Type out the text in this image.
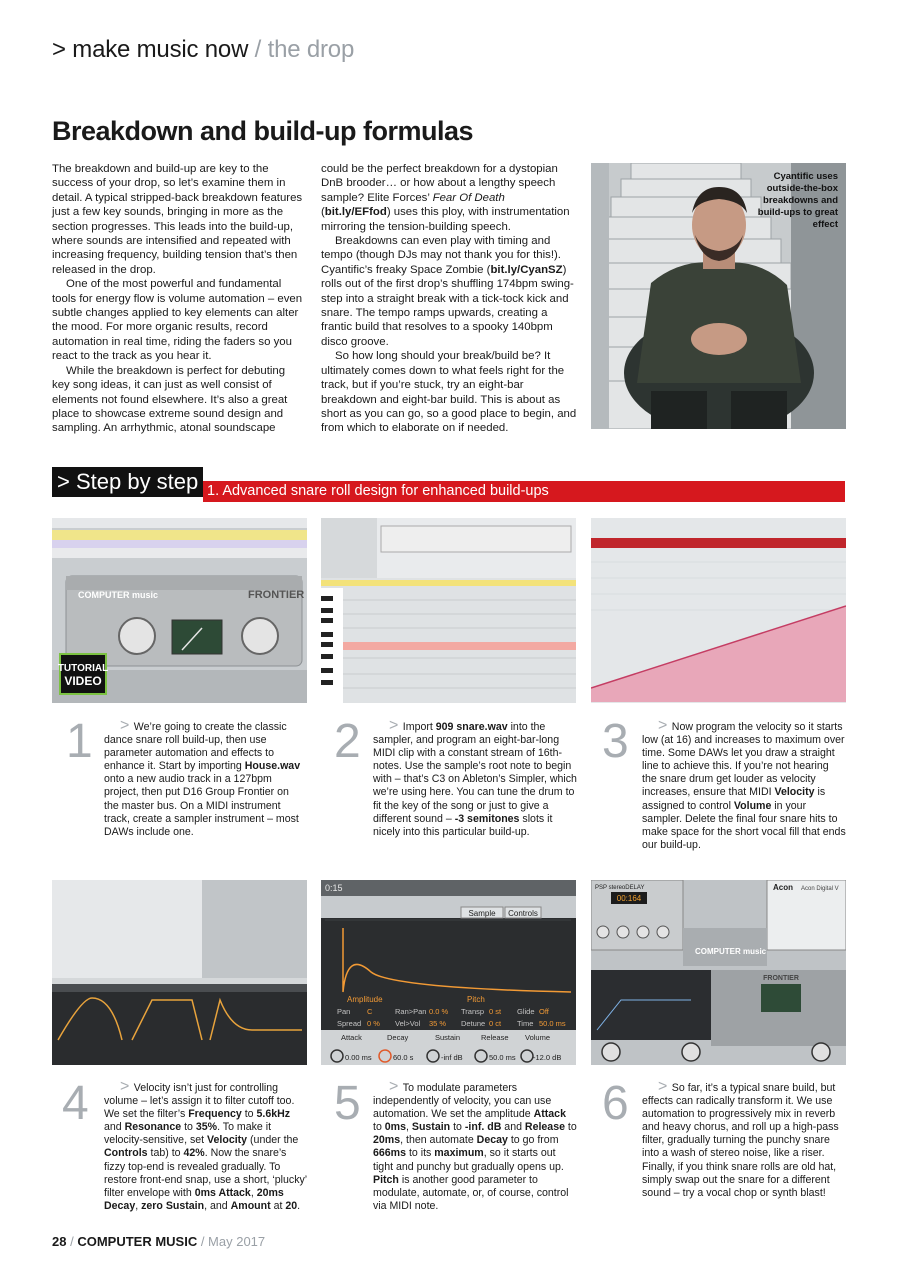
> make music now / the drop
Breakdown and build-up formulas

The breakdown and build-up are key to the success of your drop, so let’s examine them in detail. A typical stripped-back breakdown features just a few key sounds, bringing in more as the section progresses. This leads into the build-up, where sounds are intensified and repeated with increasing frequency, building tension that’s then released in the drop.

One of the most powerful and fundamental tools for energy flow is volume automation – even subtle changes applied to key elements can alter the mood. For more organic results, record automation in real time, riding the faders so you react to the track as you hear it.

While the breakdown is perfect for debuting key song ideas, it can just as well consist of elements not found elsewhere. It’s also a great place to showcase extreme sound design and sampling. An arrhythmic, atonal soundscape

could be the perfect breakdown for a dystopian DnB brooder… or how about a lengthy speech sample? Elite Forces’ Fear Of Death (bit.ly/EFfod) uses this ploy, with instrumentation mirroring the tension-building speech.

Breakdowns can even play with timing and tempo (though DJs may not thank you for this!). Cyantific’s freaky Space Zombie (bit.ly/CyanSZ) rolls out of the first drop’s shuffling 174bpm swing-step into a straight break with a tick-tock kick and snare. The tempo ramps upwards, creating a frantic build that resolves to a spooky 140bpm disco groove.

So how long should your break/build be? It ultimately comes down to what feels right for the track, but if you’re stuck, try an eight-bar breakdown and eight-bar build. This is about as short as you can go, so a good place to begin, and from which to elaborate on if needed.

Cyantific uses outside-the-box breakdowns and build-ups to great effect
> Step by step 1. Advanced snare roll design for enhanced build-ups
COMPUTER music	FRONTIER
TUTORIAL
VIDEO
1	> We’re going to create the classic dance snare roll build-up, then use parameter automation and effects to enhance it. Start by importing House.wav onto a new audio track in a 127bpm project, then put D16 Group Frontier on the master bus. On a MIDI instrument track, create a sampler instrument – most DAWs include one.
2	> Import 909 snare.wav into the sampler, and program an eight-bar-long MIDI clip with a constant stream of 16th-notes. Use the sample’s root note to begin with – that’s C3 on Ableton’s Simpler, which we’re using here. You can tune the drum to fit the key of the song or just to give a different sound – -3 semitones slots it nicely into this particular build-up.
3	> Now program the velocity so it starts low (at 16) and increases to maximum over time. Some DAWs let you draw a straight line to achieve this. If you’re not hearing the snare drum get louder as velocity increases, ensure that MIDI Velocity is assigned to control Volume in your sampler. Delete the final four snare hits to make space for the short vocal fill that ends our build-up.
0:15
Sample Controls
Amplitude	Pitch
Pan C	Ran>Pan 0.0 % Transp 0 st Glide Off
Spread 0 % Vel>Vol 35 % Detune 0 ct Time 50.0 ms
Attack	Decay	Sustain	Release Volume
0.00 ms	60.0 s	-inf dB	50.0 ms -12.0 dB
PSP stereoDELAY
00:164
Acon Acon Digital V
COMPUTER music
FRONTIER
4	> Velocity isn’t just for controlling volume – let’s assign it to filter cutoff too. We set the filter’s Frequency to 5.6kHz and Resonance to 35%. To make it velocity-sensitive, set Velocity (under the Controls tab) to 42%. Now the snare’s fizzy top-end is revealed gradually. To restore front-end snap, use a short, ‘plucky’ filter envelope with 0ms Attack, 20ms Decay, zero Sustain, and Amount at 20.
5	> To modulate parameters independently of velocity, you can use automation. We set the amplitude Attack to 0ms, Sustain to -inf. dB and Release to 20ms, then automate Decay to go from 666ms to its maximum, so it starts out tight and punchy but gradually opens up. Pitch is another good parameter to modulate, automate, or, of course, control via MIDI note.
6	> So far, it’s a typical snare build, but effects can radically transform it. We use automation to progressively mix in reverb and heavy chorus, and roll up a high-pass filter, gradually turning the punchy snare into a wash of stereo noise, like a riser. Finally, if you think snare rolls are old hat, simply swap out the snare for a different sound – try a vocal chop or synth blast!
28 / COMPUTER MUSIC / May 2017
